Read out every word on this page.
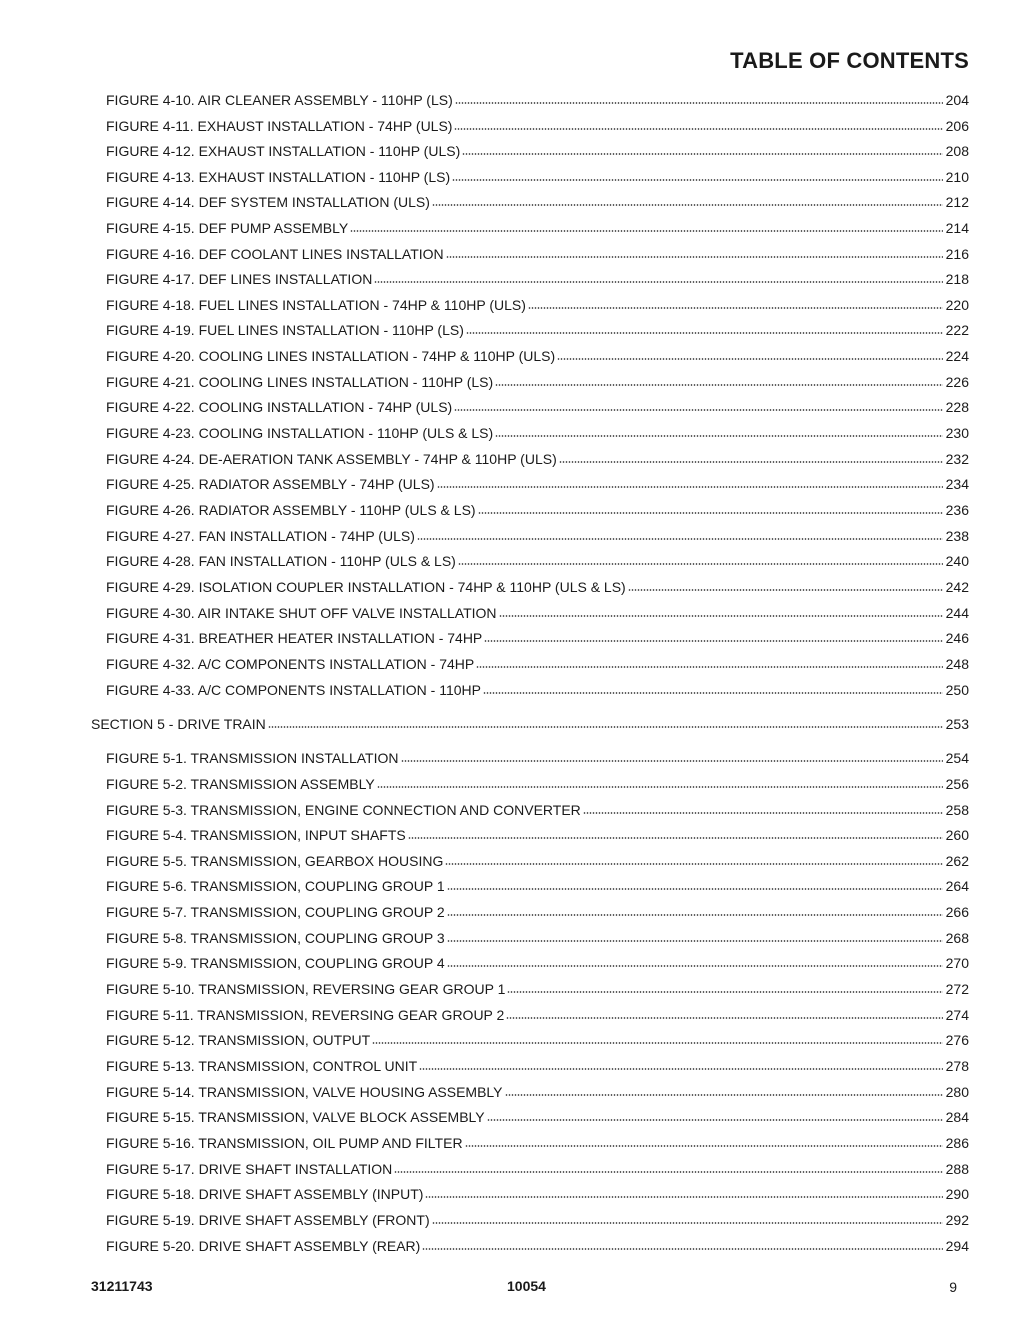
TABLE OF CONTENTS
FIGURE 4-10. AIR CLEANER ASSEMBLY - 110HP (LS)	204
FIGURE 4-11. EXHAUST INSTALLATION - 74HP (ULS)	206
FIGURE 4-12. EXHAUST INSTALLATION - 110HP (ULS)	208
FIGURE 4-13. EXHAUST INSTALLATION - 110HP (LS)	210
FIGURE 4-14. DEF SYSTEM INSTALLATION (ULS)	212
FIGURE 4-15. DEF PUMP ASSEMBLY	214
FIGURE 4-16. DEF COOLANT LINES INSTALLATION	216
FIGURE 4-17. DEF LINES INSTALLATION	218
FIGURE 4-18. FUEL LINES INSTALLATION - 74HP & 110HP (ULS)	220
FIGURE 4-19. FUEL LINES INSTALLATION - 110HP (LS)	222
FIGURE 4-20. COOLING LINES INSTALLATION - 74HP & 110HP (ULS)	224
FIGURE 4-21. COOLING LINES INSTALLATION - 110HP (LS)	226
FIGURE 4-22. COOLING INSTALLATION - 74HP (ULS)	228
FIGURE 4-23. COOLING INSTALLATION - 110HP (ULS & LS)	230
FIGURE 4-24. DE-AERATION TANK ASSEMBLY - 74HP & 110HP (ULS)	232
FIGURE 4-25. RADIATOR ASSEMBLY - 74HP (ULS)	234
FIGURE 4-26. RADIATOR ASSEMBLY - 110HP (ULS & LS)	236
FIGURE 4-27. FAN INSTALLATION - 74HP (ULS)	238
FIGURE 4-28. FAN INSTALLATION - 110HP (ULS & LS)	240
FIGURE 4-29. ISOLATION COUPLER INSTALLATION - 74HP & 110HP (ULS & LS)	242
FIGURE 4-30. AIR INTAKE SHUT OFF VALVE INSTALLATION	244
FIGURE 4-31. BREATHER HEATER INSTALLATION - 74HP	246
FIGURE 4-32. A/C COMPONENTS INSTALLATION - 74HP	248
FIGURE 4-33. A/C COMPONENTS INSTALLATION - 110HP	250
SECTION 5 - DRIVE TRAIN	253
FIGURE 5-1. TRANSMISSION INSTALLATION	254
FIGURE 5-2. TRANSMISSION ASSEMBLY	256
FIGURE 5-3. TRANSMISSION, ENGINE CONNECTION AND CONVERTER	258
FIGURE 5-4. TRANSMISSION, INPUT SHAFTS	260
FIGURE 5-5. TRANSMISSION, GEARBOX HOUSING	262
FIGURE 5-6. TRANSMISSION, COUPLING GROUP 1	264
FIGURE 5-7. TRANSMISSION, COUPLING GROUP 2	266
FIGURE 5-8. TRANSMISSION, COUPLING GROUP 3	268
FIGURE 5-9. TRANSMISSION, COUPLING GROUP 4	270
FIGURE 5-10. TRANSMISSION, REVERSING GEAR GROUP 1	272
FIGURE 5-11. TRANSMISSION, REVERSING GEAR GROUP 2	274
FIGURE 5-12. TRANSMISSION, OUTPUT	276
FIGURE 5-13. TRANSMISSION, CONTROL UNIT	278
FIGURE 5-14. TRANSMISSION, VALVE HOUSING ASSEMBLY	280
FIGURE 5-15. TRANSMISSION, VALVE BLOCK ASSEMBLY	284
FIGURE 5-16. TRANSMISSION, OIL PUMP AND FILTER	286
FIGURE 5-17. DRIVE SHAFT INSTALLATION	288
FIGURE 5-18. DRIVE SHAFT ASSEMBLY (INPUT)	290
FIGURE 5-19. DRIVE SHAFT ASSEMBLY (FRONT)	292
FIGURE 5-20. DRIVE SHAFT ASSEMBLY (REAR)	294
31211743	10054	9
